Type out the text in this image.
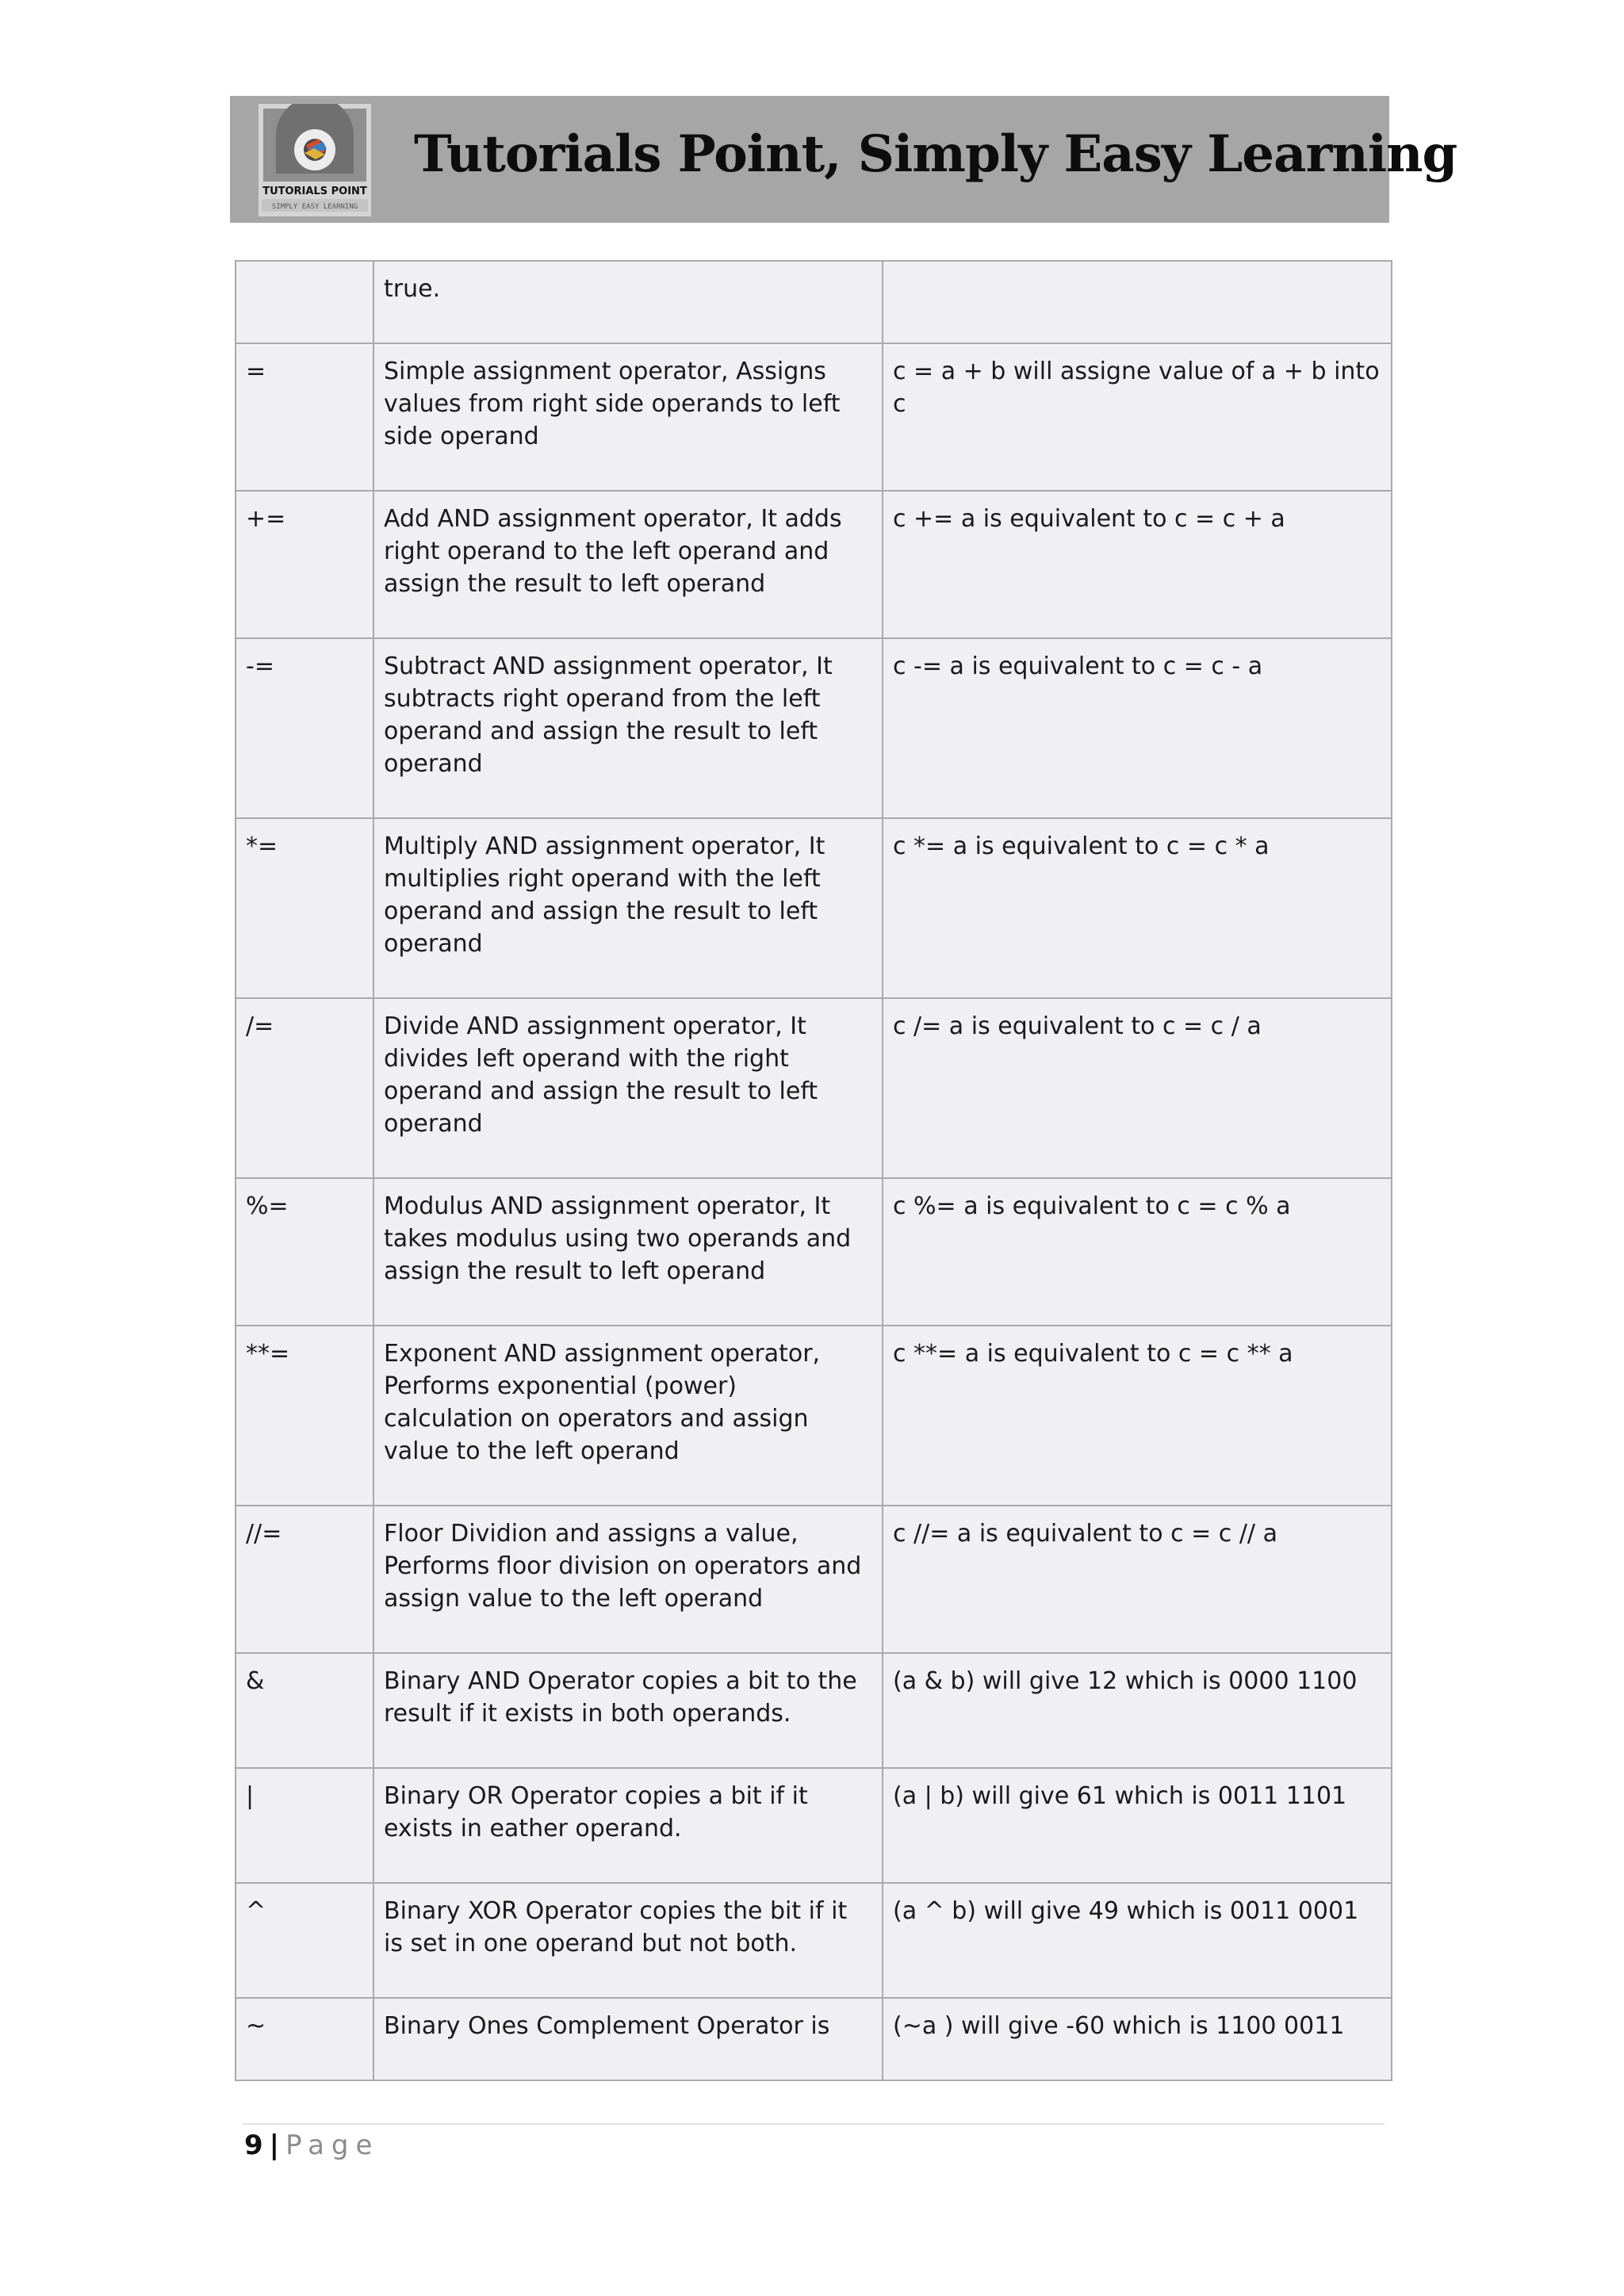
TUTORIALS POINT
SIMPLY EASY LEARNING
Tutorials Point, Simply Easy Learning
	true.	
=	Simple assignment operator, Assigns values from right side operands to left side operand	c = a + b will assigne value of a + b into c
+=	Add AND assignment operator, It adds right operand to the left operand and assign the result to left operand	c += a is equivalent to c = c + a
-=	Subtract AND assignment operator, It subtracts right operand from the left operand and assign the result to left operand	c -= a is equivalent to c = c - a
*=	Multiply AND assignment operator, It multiplies right operand with the left operand and assign the result to left operand	c *= a is equivalent to c = c * a
/=	Divide AND assignment operator, It divides left operand with the right operand and assign the result to left operand	c /= a is equivalent to c = c / a
%=	Modulus AND assignment operator, It takes modulus using two operands and assign the result to left operand	c %= a is equivalent to c = c % a
**=	Exponent AND assignment operator, Performs exponential (power) calculation on operators and assign value to the left operand	c **= a is equivalent to c = c ** a
//=	Floor Dividion and assigns a value, Performs floor division on operators and assign value to the left operand	c //= a is equivalent to c = c // a
&	Binary AND Operator copies a bit to the result if it exists in both operands.	(a & b) will give 12 which is 0000 1100
|	Binary OR Operator copies a bit if it exists in eather operand.	(a | b) will give 61 which is 0011 1101
^	Binary XOR Operator copies the bit if it is set in one operand but not both.	(a ^ b) will give 49 which is 0011 0001
~	Binary Ones Complement Operator is	(~a ) will give -60 which is 1100 0011
9 | Page
